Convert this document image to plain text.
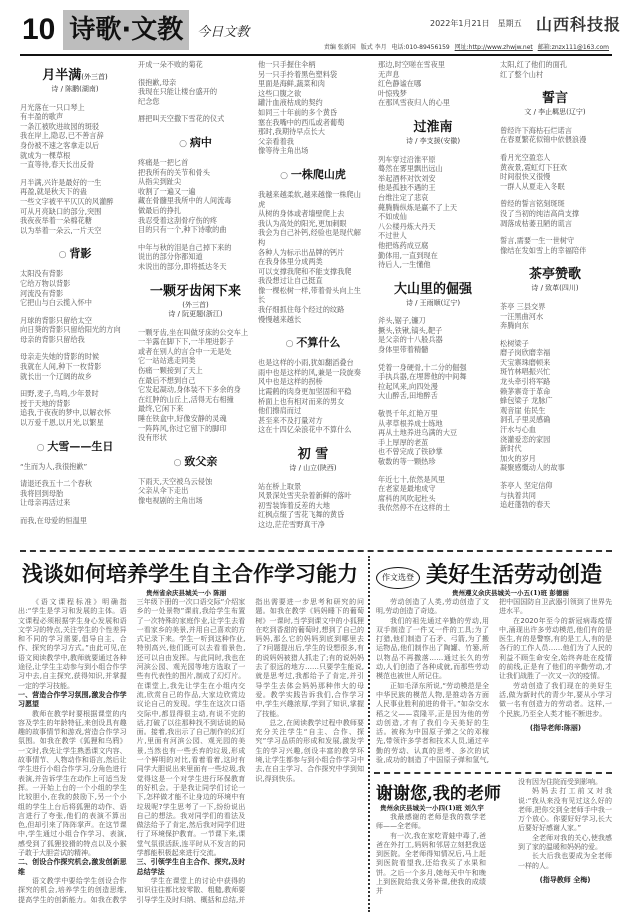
10 诗歌·文教	今日文教
2022年1月21日 星期五 山西科技报
责编 张新国 版式 李月 电话:010-89456159 网址:http://www.zhwjw.net 邮箱:znzx111@163.com
月半满(外三首)
诗 / 陈鹏(湖南)
月光落在一只口琴上
有丰盈的歌声
一条江被吹进故园的斑驳
我在岸上,隐忍,已不善言辞
身份被不速之客拿走以后
就成为一棵草根
一直等待,春天长出反骨
月半满,兴许是最好的一生
再盈,就是秋天下的蛊
一些文字被平平仄仄的风灌醉
可从月亮缺口的部分,突围
我夜夜举着一朵棉花糖
以为举着一朵云,一片天空
○ 背影
太阳没有背影
它给万物以背影
河流没有背影
它把山与白云揽入怀中
月球的背影只留给太空
向日葵的背影只留给阳光的方向
母亲的背影只留给我
母亲走失她的背影的时候
我就在人间,种下一枚背影
就长出一个辽阔的故乡
田野,麦子,鸟鸣,少年景时
授于天地的背影
追我,于夜夜的梦中,以解衣怀
以万爱千恩,以月光,以繁星
○ 大雪——生日
“生而为人,我很抱歉”
请退还我五十二个春秋
我将回到母胎
让母亲再活过来
而我,在母爱的恒温里
开成一朵不败的菊花
很抱歉,母亲
我现在只能让楼台盛开的
纪念您
唇把叫天空撒下雪花的仪式
○ 病中
疼痛是一把匕首
把我所有的关节和骨头
从指尖到趾尖
收割了一遍又一遍
藏在骨髓里我所中的人间流毒
做最后的挣扎
我忍受着这刮骨疗伤的疼
目的只有一个,种下诗歌的曲
中年与秋的泪是自己掉下来的
说出的部分你都知道
未说出的部分,即将抵达冬天
一颗牙齿闲下来
(外三首)
诗 / 阮更题(浙江)
一颗牙齿,坐在叫做牙床的公交车上
一半露在脚下下,一半埋进影子
或者在别人的言合中一无是处
它一站站逃走同类
伤痛一颗接到了天上
在最后不想到自己
它发起凝动,身体装不下多余的身
在红肿的山丘上,活得无右相撞
最终,它闲下来
睡在铁盒中,好像安静的灵魂
一阵阵风,你过它留下的脚印
没有形状
○ 致父亲
下雨天,天空被乌云侵蚀
父亲从伞下走出
像电视剧的主角出场
他一只手握住伞柄
另一只手拎着黑色塑料袋
里面是海鲜,蔬菜和肉
这些口腹之欲
罐汁血液枯成的契约
如同三十年前的多个黄昏
塞在我嘴中的西瓜或者葡萄
那时,我期待早点长大
父亲看着我
像等待主角出场
○ 一株爬山虎
我越来越柔软,越来越像一株爬山
虎
从树的身体或者墙壁爬上去
我认为高处的阳光,更加刺眼
我会为自己补钙,经验也是现代解
构
各种人为标示出品牌的钙片
在我身体里分成两类
可以支撑我爬和不能支撑我爬
我没想过让自己挺直
像一棵松树一样,带着骨头向上生
长
我仔细抓住每个经过的纹路
慢慢越来越长
○ 不算什么
也是这样的小雨,犹如翻滔叠台
雨中也是这样的风,兼是一段旋奏
风中也是这样的拐桥
比霞鹤的肉身更加坚固和平稳
桥面上也有相对而来的男女
他们擦肩而过
甚至来不及打量对方
这在十四亿朵浪花中不算什么
初 雪
诗 / 山立(陕西)
站在桥上取景
风景深处雪夹杂着新鲜的落叶
初雪装饰着反差的大地
红枫点缀了雪花飞舞的黄昏
这边,茫茫雪野真干净
那边,时空嗟在雪夜里
无声息
红色静谧在哪
叶惊残梦
在那风雪夜归人的心里
过淮南
诗 / 李支援(安徽)
列车穿过沿淮平原
蓦然在雾里飘出远山
举起酒杯对饮刘安
他是孤独不遇的王
台维注定了悲哀
薨腾腾纵炼是赢不了上天
不如成仙
八公楼丹炼大丹天
不过世人
他把炼药成豆腐
勤体用,一直到现在
待后人,一生懂他
大山里的倔强
诗 / 王雨顺(辽宁)
斧头,锯子,镰刀
撅头,铁锹,镐头,靶子
是父亲的十八般兵器
身体里带着精髓
凭着一身硬骨,十二分的倔强
手执兵器,在埋葬他的中间舞
拉起风来,向四处漫
大山醉舌,田地醉舌
敬畏千年,红艳万里
从孝草根养成士练地
再从土地养进乌满的大豆
手上厚厚的老茧
也不曾完成了铁砂掌
敬数的等一颗热珍
年近七十,依然是风里
在老家是最地成守
席科的风吹起杜头
我依然停不在这样的土
太阳,红了他们的面孔
红了整个山村
誓言
文 / 李止羁思(辽宁)
曾经许下海枯石烂诺言
在春夏繁花似锦中依偎浪漫
看月光空盈恋人
黄夜景,霓虹灯下狂欢
时间很快又很慢
一群人从夏走入冬眠
曾经的誓言铭刻斑斑
没了当初的纯洁高尚支撑
凋落成枯萎丑陋的谎言
誓言,需要一生一世树守
像结在发如雪上的幸福陪伴
茶亭赞歌
诗 / 致革(四川)
茶亭 三县交界
一汪黑曲河水
奔腾向东
松树梁子
磨子岗欣磨幸福
天宝寨珠磨顿来
斑竹林唱振兴忙
龙头牵引将军路
赖茅寨奇于革命
蜂包梁子 龙脉广
观音崖 佑民生
洞孔子里灵感确
汗水与心血
浇灌爱恋的家园
新时代
加火的岁月
凝聚感慨动人的故事
茶亭人 坚定信仰
与执着共同
追赶蓬勃的春天
浅谈如何培养学生自主合作学习能力
贵州省余庆县城关一小 陈丽

《语文课程标准》明确指出:“学生是学习和发展的主体。语文课程必须根据学生身心发展和语文学习的特点,关注学生的个性差异和不同的学习需要,倡导自主、合作、探究的学习方式。”由此可见,在语文阅读教学中,教师就要通过各种途径,让学生主动参与到小组合作学习中去,自主探究,获得知识,并掌握一定的学习技能。

一、营造合作学习氛围,激发合作学习愿望

教师在教学时要根据课堂的内容及学生的年龄特征,来创设具有趣趣的故事情节和游戏,营造合作学习氛围。如我在教学《狐狸和乌鸦》一文时,我先让学生熟悉课文内容、故事情节、人物动作和语言,然后让学生进行小组合作学习,分角色进行表演,并告诉学生在动作上可适当发挥。一开始上台的一个小组的学生比较胆小,在我的鼓励下,另一个小组的学生上台后将狐狸的动作、语言进行了夸张,他们的表演不算出色,但却引来了阵阵掌声。在这节课中,学生通过小组合作学习、表演,感受到了狐狸狡猾的特点以及小猴子敢于大胆尝试的精神。

二、创设合作探究机会,激发创新思维

语文教学中要给学生创设合作探究的机会,培养学生的创造思维,提高学生的创新能力。如我在教学三年级下册的一次口语交际“介绍家乡的一处景物”课前,我给学生布置了一次特殊的家庭作业,让学生去看一看家乡的美景,并用自己喜欢的方式记录下来。学生一听到这种作业,特别高兴,他们既可以去看看景色,还可以自由发挥。与此同时,我也在河滨公园、观光园等地方选取了一些有代表性的图片,制成了幻灯片。在课堂上,我先让学生在小组内交流,欣赏自己的作品,大家边欣赏边议论自己的发现。学生在这次口语交际中,都显得很主动,有说不完的话,打破了以往那种找不到话说的局面。接着,我出示了自己制作的幻灯片,里面有河滨公园、观光园的美景,当然也有一些丢弃的垃圾,形成一个鲜明的对比,看着看着,这时有同学大胆说出来里面有一些垃圾,我觉得这是一个对学生进行环保教育的好机会。于是我让同学们讨论一下,怎样做才能不让身边的环境中有垃圾呢?学生思考了一下,纷纷说出自己的想法。我对同学们的看法及做法给予了肯定,然后我对同学们进行了环境保护教育。一节课下来,课堂气氛很活跃,连平时从不发言的同学都能积极起来进行交流。

三、引领学生自主合作、探究,及时总结学法

学生在课堂上的讨论中获得的知识往往都比较零散、粗糙,教师要引导学生及时归纳、概括和总结,并指出需要进一步思考和研究的问题。如我在教学《妈妈睡下的葡萄树》一课时,当学到课文中的小狐狸在吃到香甜的葡萄时,想到了自己的妈妈,那么它的妈妈到底到哪里去了?问题提出后,学生的设想很多,有的说妈妈被猎人抓走了;有的说妈妈去了很远的地方……只要学生能说,就是思考过,我都给予了肯定,并引导学生去体会妈妈那种伟大的母爱。教学实践告诉我们,合作学习中,学生兴趣浓厚,学到了知识,掌握了技能。

总之,在阅读教学过程中教师要充分关注学生“自主、合作、探究”学习品质的形成和发展,激发学生的学习兴趣,创设丰富的教学环境,让学生都参与到小组合作学习中去,在自主学习、合作探究中学到知识,得到快乐。

作文选登 美好生活劳动创造
贵州遵义余庆县城关一小五(1)班 彭德丽

劳动创造了人类,劳动创造了文明,劳动创造了奇迹。

我们的祖先通过辛勤的劳动,用双手制造了一件又一件的工具;为了打猎,他们制造了石矛、弓箭,为了搬运物品,他们制作出了陶罐、竹篓,所以物品不再撒落……通过长久的劳动,人们创造了各种成就,而那些劳动模范也被世人所记住。

正如毛泽东所说,“劳动模范是全中华民族的模范人物,是推动各方面人民事业胜利前进的骨干。”如杂交水稻之父——袁隆平,正是因为他的劳动创造,才有了我们今天美好的生活。被称为中国原子弹之父的邓稼先,带领许多学者和技术人员,通过辛勤的劳动、认真的思考、多次的试验,成功的制造了中国原子弹和氢气,把中国国防自卫武器引领到了世界先进水平。

在2020年至今的新冠病毒疫情中,涌现出许多劳动模范,他们有的是医生,有的是警察,有的是工人,有的是各行的工作人员……他们为了人民的利益不顾生命安全,始终奔赴在疫情的前线,正是有了他们的辛勤劳动,才让我们战胜了一次又一次的疫情。

劳动创造了我们现在的美好生活,做为新时代的青少年,要从小学习做一名有创造力的劳动者。这样,一个民族,乃至全人类才能不断进步。

(指导老师:陈丽)

谢谢您,我的老师
贵州余庆县城关一小四(1)班 刘久宇

我最感谢的老师是我的数学老师——全老师。

有一次,我在家吃青蛙中毒了,爸爸在外打工,妈妈和邻居立刻把我送到医院。全老师得知情况后,马上赶到医院看望我,还给我买了水果和饼。之后一个多月,她每天中午和晚上到医院给我义务补课,使我的成绩并

没有因为住院而受到影响。

妈妈去打工前又对我说:“我从来没有见过这么好的老师,把你交到全老师手中我一万个放心。你要好好学习,长大后要好好感谢人家。”

全老师对我的关心,使我感到了家的温暖和妈妈的爱。

长大后我也要成为全老师一样的人。

(指导教师 全梅)
